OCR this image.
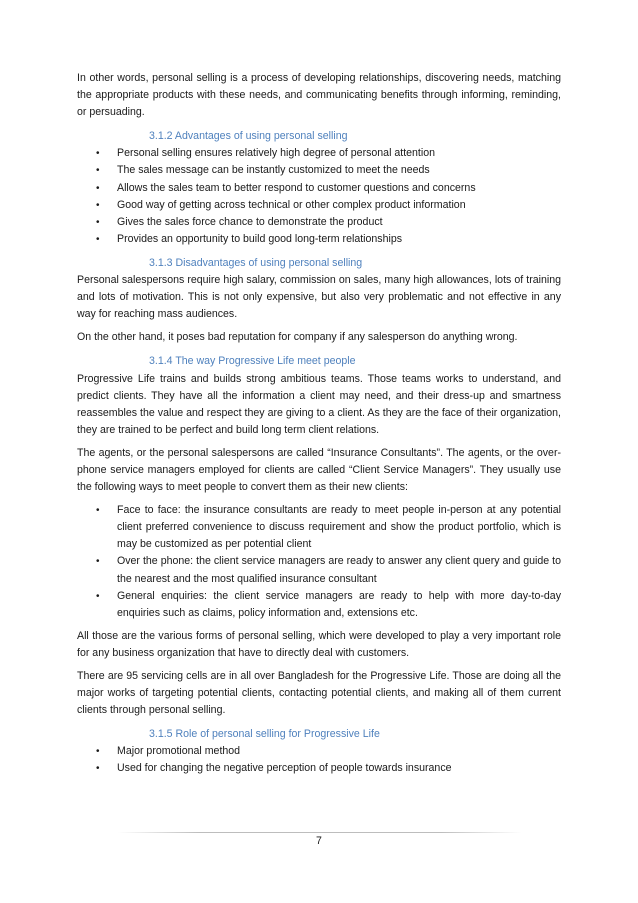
In other words, personal selling is a process of developing relationships, discovering needs, matching the appropriate products with these needs, and communicating benefits through informing, reminding, or persuading.

3.1.2 Advantages of using personal selling
• Personal selling ensures relatively high degree of personal attention
• The sales message can be instantly customized to meet the needs
• Allows the sales team to better respond to customer questions and concerns
• Good way of getting across technical or other complex product information
• Gives the sales force chance to demonstrate the product
• Provides an opportunity to build good long-term relationships
3.1.3 Disadvantages of using personal selling

Personal salespersons require high salary, commission on sales, many high allowances, lots of training and lots of motivation. This is not only expensive, but also very problematic and not effective in any way for reaching mass audiences.

On the other hand, it poses bad reputation for company if any salesperson do anything wrong.

3.1.4 The way Progressive Life meet people

Progressive Life trains and builds strong ambitious teams. Those teams works to understand, and predict clients. They have all the information a client may need, and their dress-up and smartness reassembles the value and respect they are giving to a client. As they are the face of their organization, they are trained to be perfect and build long term client relations.

The agents, or the personal salespersons are called “Insurance Consultants”. The agents, or the over-phone service managers employed for clients are called “Client Service Managers”. They usually use the following ways to meet people to convert them as their new clients:

• Face to face: the insurance consultants are ready to meet people in-person at any potential client preferred convenience to discuss requirement and show the product portfolio, which is may be customized as per potential client
• Over the phone: the client service managers are ready to answer any client query and guide to the nearest and the most qualified insurance consultant
• General enquiries: the client service managers are ready to help with more day-to-day enquiries such as claims, policy information and, extensions etc.

All those are the various forms of personal selling, which were developed to play a very important role for any business organization that have to directly deal with customers.

There are 95 servicing cells are in all over Bangladesh for the Progressive Life. Those are doing all the major works of targeting potential clients, contacting potential clients, and making all of them current clients through personal selling.

3.1.5 Role of personal selling for Progressive Life
• Major promotional method
• Used for changing the negative perception of people towards insurance
7
